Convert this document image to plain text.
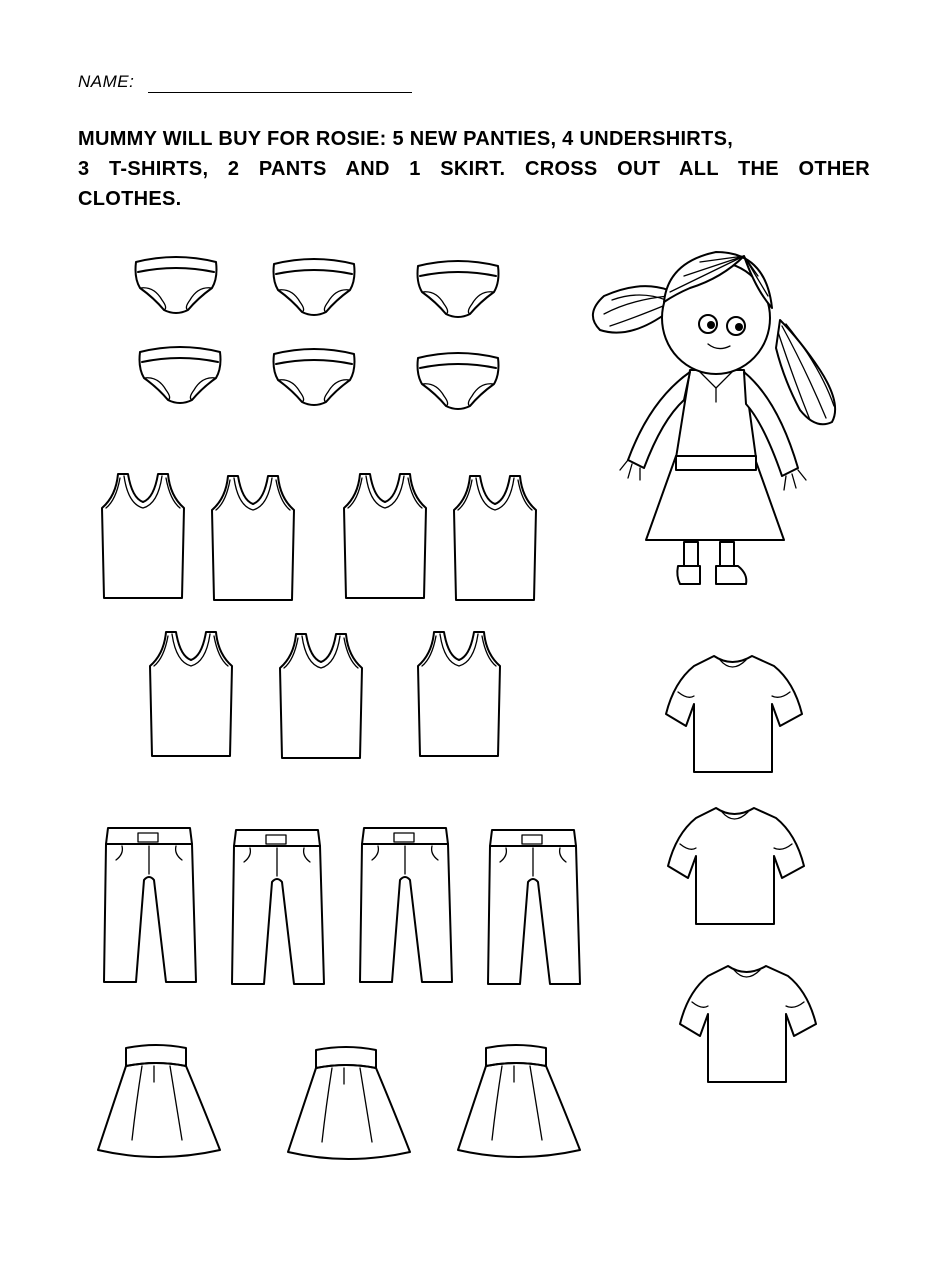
NAME:
MUMMY WILL BUY FOR ROSIE: 5 NEW PANTIES, 4 UNDERSHIRTS,
3 T-SHIRTS, 2 PANTS AND 1 SKIRT. CROSS OUT ALL THE OTHER
CLOTHES.
